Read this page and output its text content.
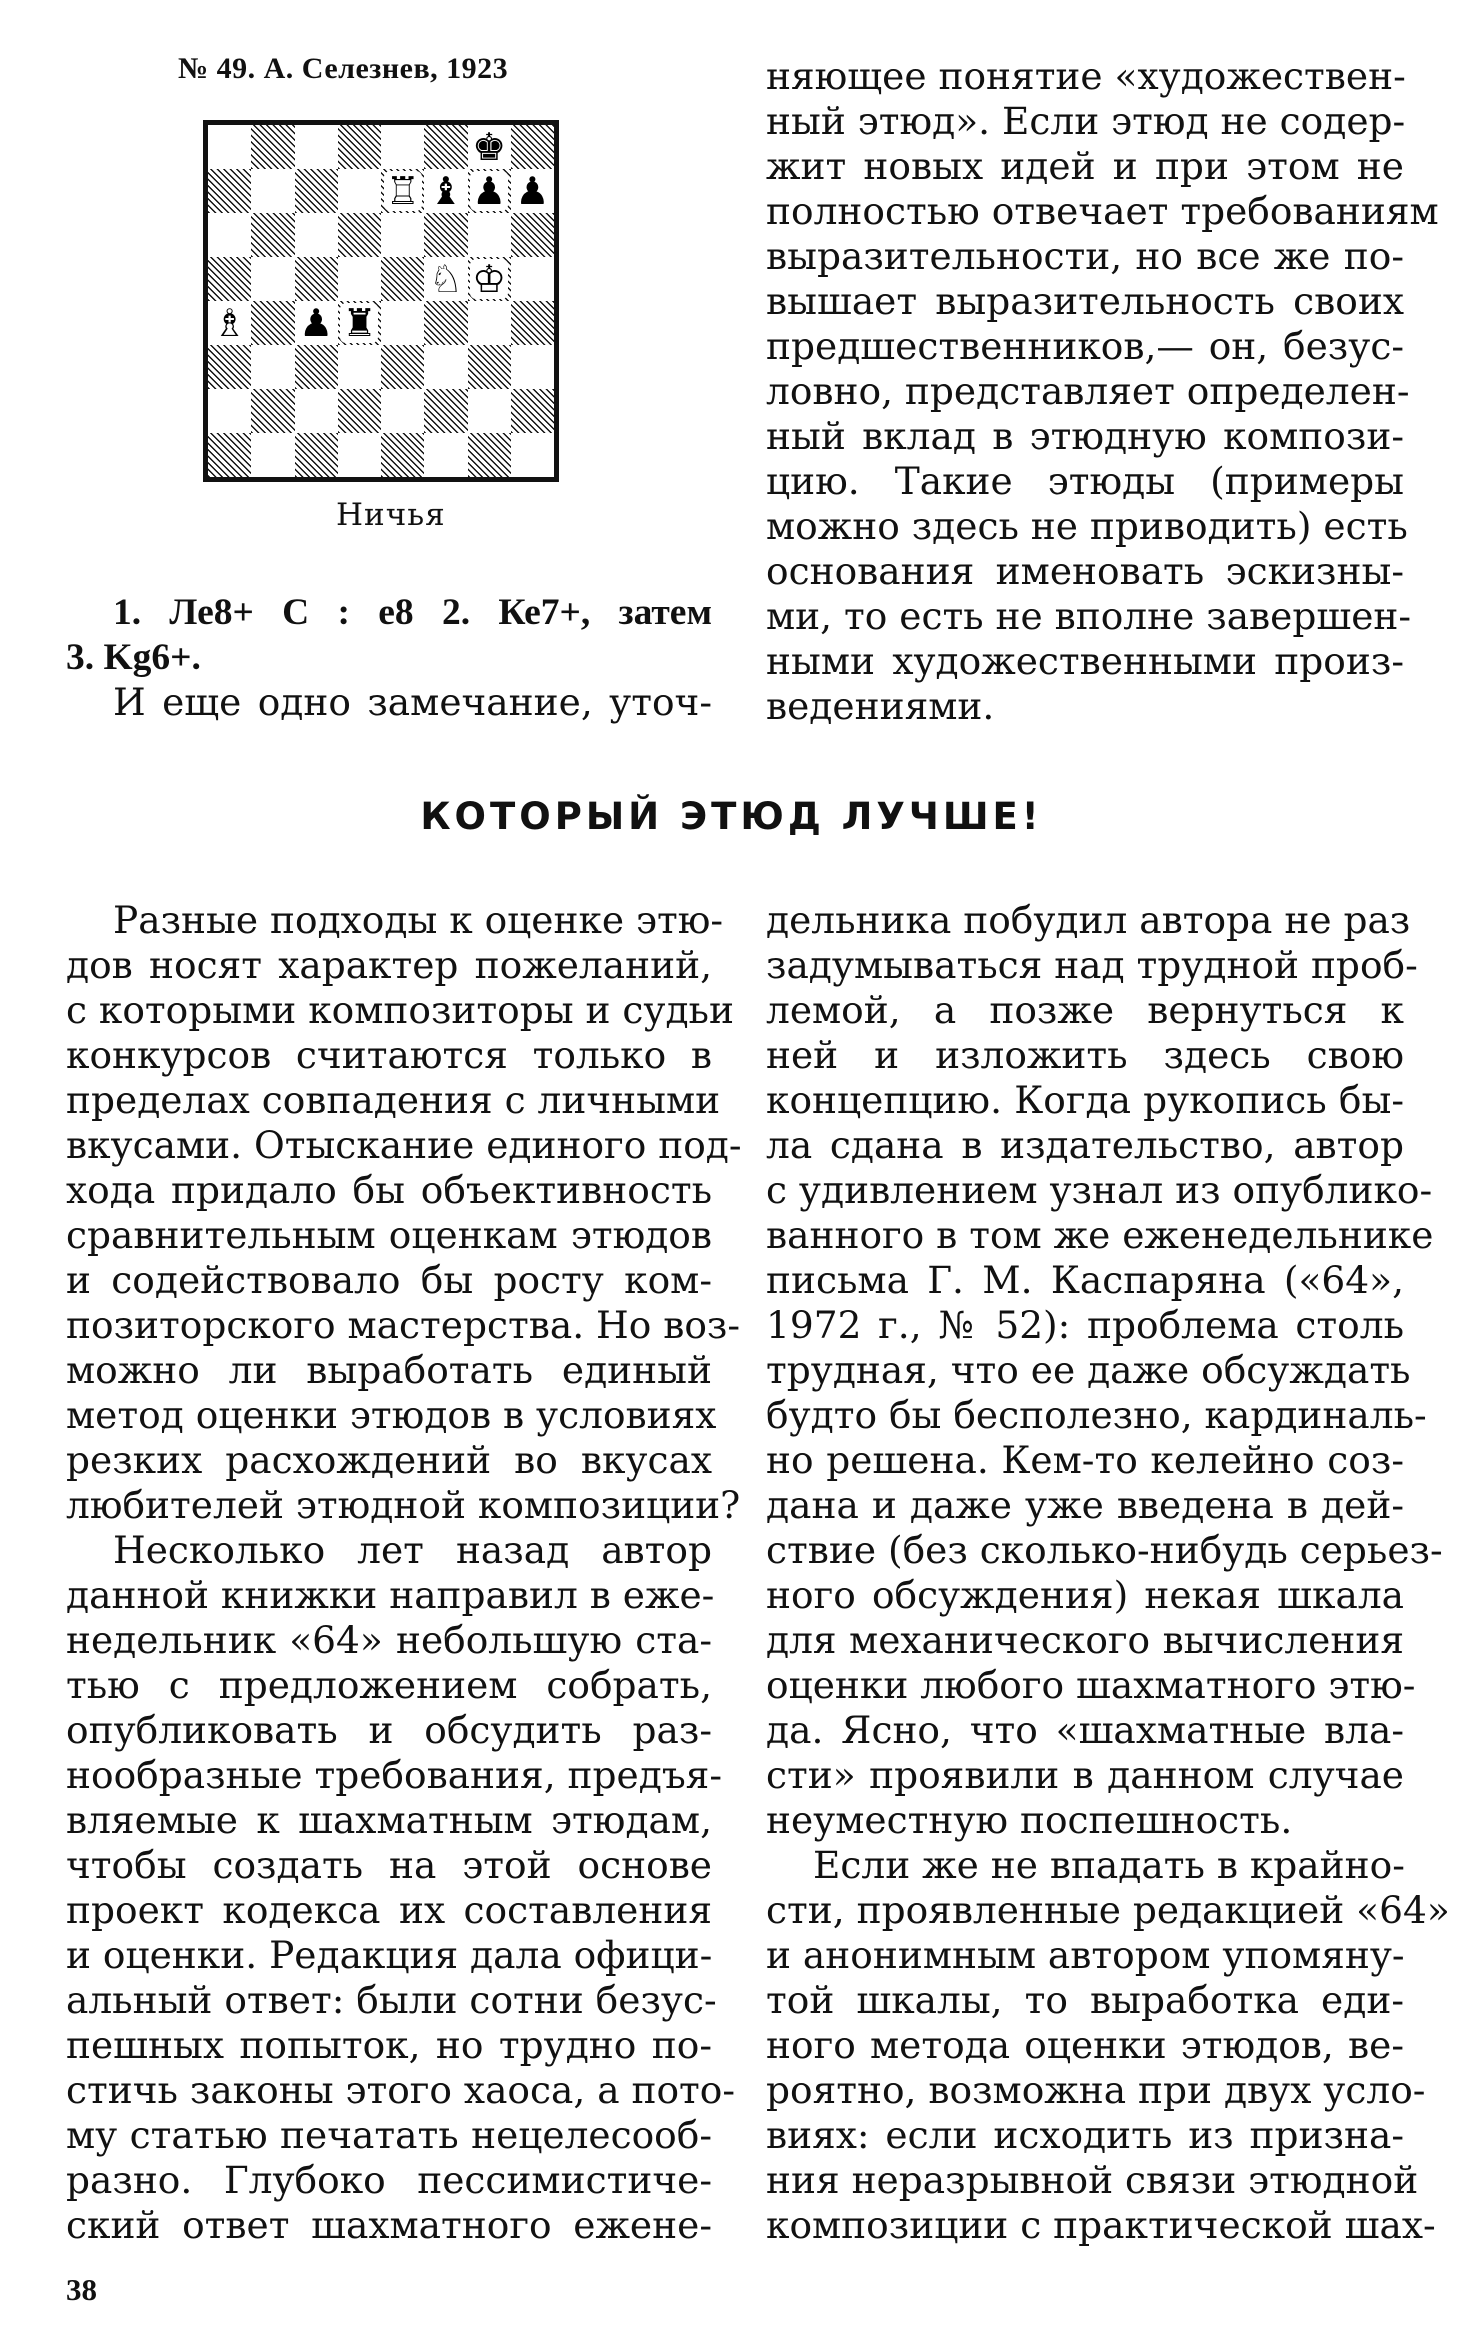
№ 49. А. Селезнев, 1923
♚
♖ ♝ ♟ ♟
♘ ♔
♗ ♟ ♜
Ничья
1. Ле8+ С : е8 2. Ке7+, затем
3. Kg6+.
И еще одно замечание, уточ-
няющее понятие «художествен-
ный этюд». Если этюд не содер-
жит новых идей и при этом не
полностью отвечает требованиям
выразительности, но все же по-
вышает выразительность своих
предшественников,— он, безус-
ловно, представляет определен-
ный вклад в этюдную компози-
цию. Такие этюды (примеры
можно здесь не приводить) есть
основания именовать эскизны-
ми, то есть не вполне завершен-
ными художественными произ-
ведениями.
КОТОРЫЙ ЭТЮД ЛУЧШЕ!
Разные подходы к оценке этю-
дов носят характер пожеланий,
с которыми композиторы и судьи
конкурсов считаются только в
пределах совпадения с личными
вкусами. Отыскание единого под-
хода придало бы объективность
сравнительным оценкам этюдов
и содействовало бы росту ком-
позиторского мастерства. Но воз-
можно ли выработать единый
метод оценки этюдов в условиях
резких расхождений во вкусах
любителей этюдной композиции?
Несколько лет назад автор
данной книжки направил в еже-
недельник «64» небольшую ста-
тью с предложением собрать,
опубликовать и обсудить раз-
нообразные требования, предъя-
вляемые к шахматным этюдам,
чтобы создать на этой основе
проект кодекса их составления
и оценки. Редакция дала офици-
альный ответ: были сотни безус-
пешных попыток, но трудно по-
стичь законы этого хаоса, а пото-
му статью печатать нецелесооб-
разно. Глубоко пессимистиче-
ский ответ шахматного еженe-
дельника побудил автора не раз
задумываться над трудной проб-
лемой, а позже вернуться к
ней и изложить здесь свою
концепцию. Когда рукопись бы-
ла сдана в издательство, автор
с удивлением узнал из опублико-
ванного в том же еженедельнике
письма Г. М. Каспаряна («64»,
1972 г., № 52): проблема столь
трудная, что ее даже обсуждать
будто бы бесполезно, кардиналь-
но решена. Кем-то келейно соз-
дана и даже уже введена в дей-
ствие (без сколько-нибудь серьез-
ного обсуждения) некая шкала
для механического вычисления
оценки любого шахматного этю-
да. Ясно, что «шахматные вла-
сти» проявили в данном случае
неуместную поспешность.
Если же не впадать в крайно-
сти, проявленные редакцией «64»
и анонимным автором упомяну-
той шкалы, то выработка еди-
ного метода оценки этюдов, ве-
роятно, возможна при двух усло-
виях: если исходить из призна-
ния неразрывной связи этюдной
композиции с практической шах-
38
